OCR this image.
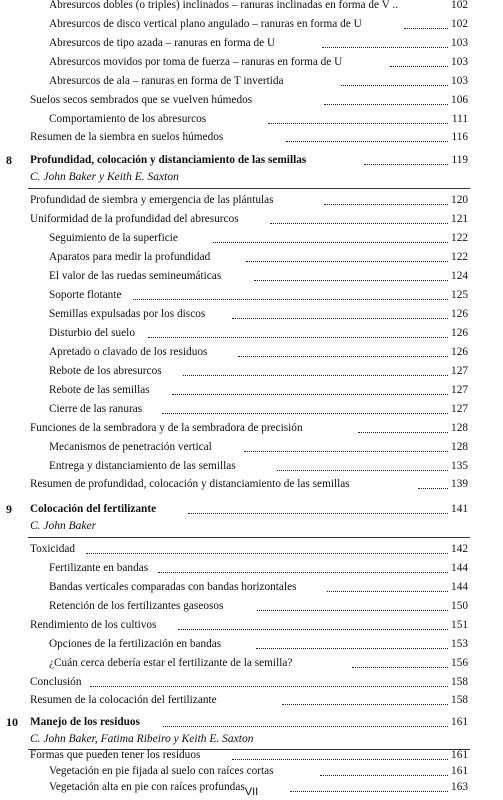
Abresurcos dobles (o triples) inclinados – ranuras inclinadas en forma de V ..	102
Abresurcos de disco vertical plano angulado – ranuras en forma de U	102
Abresurcos de tipo azada – ranuras en forma de U	103
Abresurcos movidos por toma de fuerza – ranuras en forma de U	103
Abresurcos de ala – ranuras en forma de T invertida	103
Suelos secos sembrados que se vuelven húmedos	106
Comportamiento de los abresurcos	111
Resumen de la siembra en suelos húmedos	116
8 Profundidad, colocación y distanciamiento de las semillas	119
C. John Baker y Keith E. Saxton
Profundidad de siembra y emergencia de las plántulas	120
Uniformidad de la profundidad del abresurcos	121
Seguimiento de la superficie	122
Aparatos para medir la profundidad	122
El valor de las ruedas semineumáticas	124
Soporte flotante	125
Semillas expulsadas por los discos	126
Disturbio del suelo	126
Apretado o clavado de los residuos	126
Rebote de los abresurcos	127
Rebote de las semillas	127
Cierre de las ranuras	127
Funciones de la sembradora y de la sembradora de precisión	128
Mecanismos de penetración vertical	128
Entrega y distanciamiento de las semillas	135
Resumen de profundidad, colocación y distanciamiento de las semillas	139
9 Colocación del fertilizante	141
C. John Baker
Toxicidad	142
Fertilizante en bandas	144
Bandas verticales comparadas con bandas horizontales	144
Retención de los fertilizantes gaseosos	150
Rendimiento de los cultivos	151
Opciones de la fertilización en bandas	153
¿Cuán cerca debería estar el fertilizante de la semilla?	156
Conclusión	158
Resumen de la colocación del fertilizante	158
10 Manejo de los residuos	161
C. John Baker, Fatima Ribeiro y Keith E. Saxton
VII
Formas que pueden tener los residuos	161
Vegetación en pie fijada al suelo con raíces cortas	161
Vegetación alta en pie con raíces profundas	163
